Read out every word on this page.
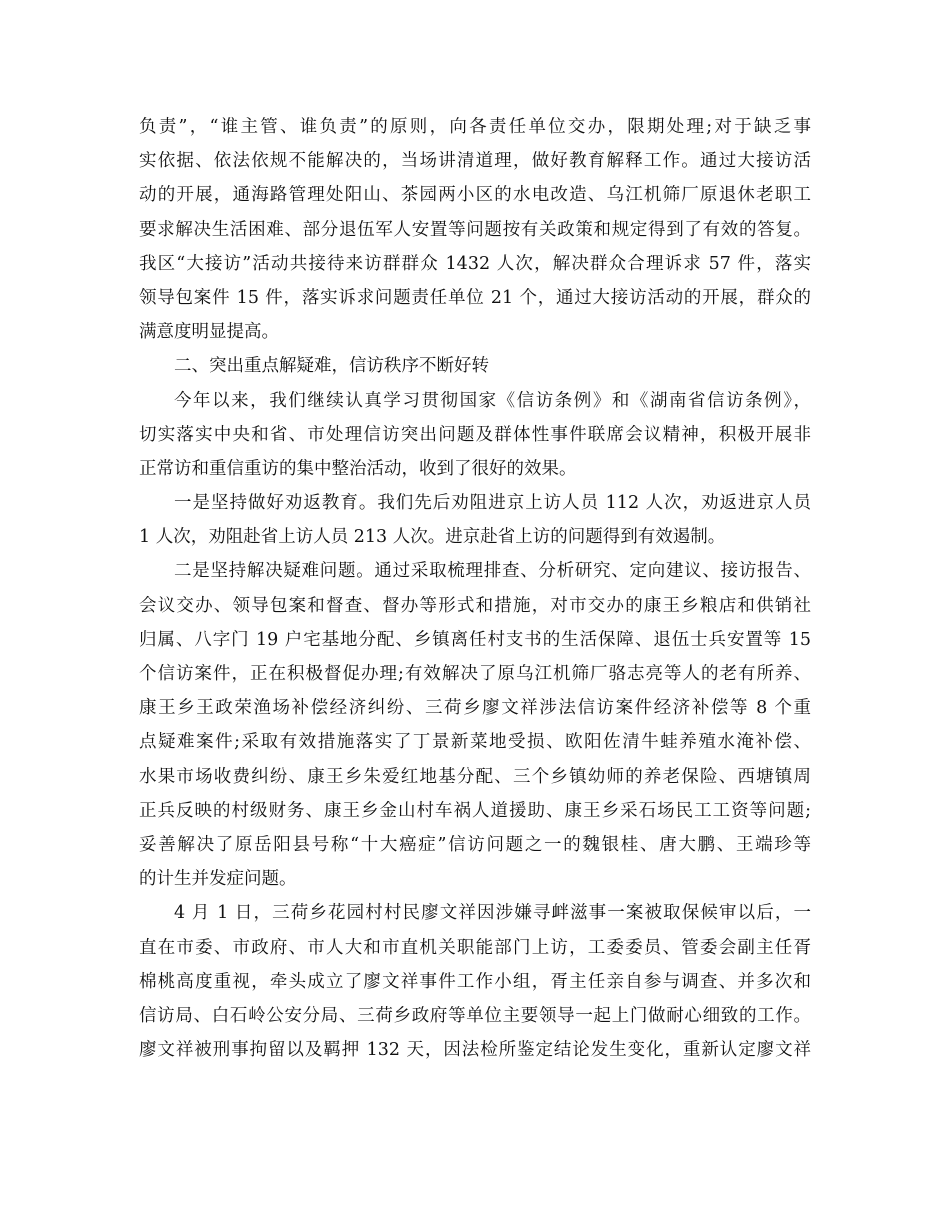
负责”，“谁主管、谁负责”的原则，向各责任单位交办，限期处理;对于缺乏事
实依据、依法依规不能解决的，当场讲清道理，做好教育解释工作。通过大接访活
动的开展，通海路管理处阳山、茶园两小区的水电改造、乌江机筛厂原退休老职工
要求解决生活困难、部分退伍军人安置等问题按有关政策和规定得到了有效的答复。
我区“大接访”活动共接待来访群群众 1432 人次，解决群众合理诉求 57 件，落实
领导包案件 15 件，落实诉求问题责任单位 21 个，通过大接访活动的开展，群众的
满意度明显提高。
二、突出重点解疑难，信访秩序不断好转
今年以来，我们继续认真学习贯彻国家《信访条例》和《湖南省信访条例》，
切实落实中央和省、市处理信访突出问题及群体性事件联席会议精神，积极开展非
正常访和重信重访的集中整治活动，收到了很好的效果。
一是坚持做好劝返教育。我们先后劝阻进京上访人员 112 人次，劝返进京人员
1 人次，劝阻赴省上访人员 213 人次。进京赴省上访的问题得到有效遏制。
二是坚持解决疑难问题。通过采取梳理排查、分析研究、定向建议、接访报告、
会议交办、领导包案和督查、督办等形式和措施，对市交办的康王乡粮店和供销社
归属、八字门 19 户宅基地分配、乡镇离任村支书的生活保障、退伍士兵安置等 15
个信访案件，正在积极督促办理;有效解决了原乌江机筛厂骆志亮等人的老有所养、
康王乡王政荣渔场补偿经济纠纷、三荷乡廖文祥涉法信访案件经济补偿等 8 个重
点疑难案件;采取有效措施落实了丁景新菜地受损、欧阳佐清牛蛙养殖水淹补偿、
水果市场收费纠纷、康王乡朱爱红地基分配、三个乡镇幼师的养老保险、西塘镇周
正兵反映的村级财务、康王乡金山村车祸人道援助、康王乡采石场民工工资等问题;
妥善解决了原岳阳县号称“十大癌症”信访问题之一的魏银桂、唐大鹏、王端珍等
的计生并发症问题。
4 月 1 日，三荷乡花园村村民廖文祥因涉嫌寻衅滋事一案被取保候审以后，一
直在市委、市政府、市人大和市直机关职能部门上访，工委委员、管委会副主任胥
棉桃高度重视，牵头成立了廖文祥事件工作小组，胥主任亲自参与调查、并多次和
信访局、白石岭公安分局、三荷乡政府等单位主要领导一起上门做耐心细致的工作。
廖文祥被刑事拘留以及羁押 132 天，因法检所鉴定结论发生变化，重新认定廖文祥
